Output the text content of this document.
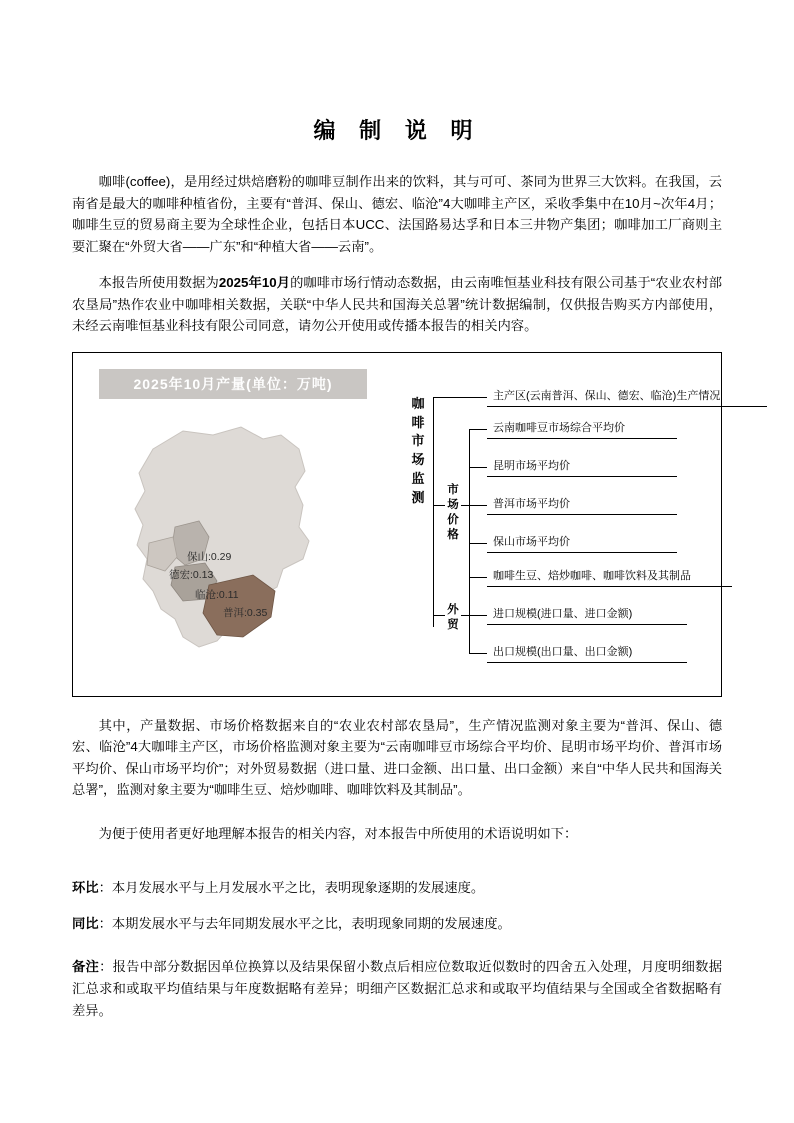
编 制 说 明

咖啡(coffee)，是用经过烘焙磨粉的咖啡豆制作出来的饮料，其与可可、茶同为世界三大饮料。在我国，云南省是最大的咖啡种植省份，主要有“普洱、保山、德宏、临沧”4大咖啡主产区，采收季集中在10月~次年4月；咖啡生豆的贸易商主要为全球性企业，包括日本UCC、法国路易达孚和日本三井物产集团；咖啡加工厂商则主要汇聚在“外贸大省——广东”和“种植大省——云南”。

本报告所使用数据为2025年10月的咖啡市场行情动态数据，由云南唯恒基业科技有限公司基于“农业农村部农垦局”热作农业中咖啡相关数据，关联“中华人民共和国海关总署”统计数据编制，仅供报告购买方内部使用，未经云南唯恒基业科技有限公司同意，请勿公开使用或传播本报告的相关内容。

2025年10月产量(单位：万吨)
保山:0.29
德宏:0.13
临沧:0.11
普洱:0.35
咖
啡
市
场
监
测
主产区(云南普洱、保山、德宏、临沧)生产情况
市
场
价
格
云南咖啡豆市场综合平均价
昆明市场平均价
普洱市场平均价
保山市场平均价
外
贸
咖啡生豆、焙炒咖啡、咖啡饮料及其制品
进口规模(进口量、进口金额)
出口规模(出口量、出口金额)

其中，产量数据、市场价格数据来自的“农业农村部农垦局”，生产情况监测对象主要为“普洱、保山、德宏、临沧”4大咖啡主产区，市场价格监测对象主要为“云南咖啡豆市场综合平均价、昆明市场平均价、普洱市场平均价、保山市场平均价”；对外贸易数据（进口量、进口金额、出口量、出口金额）来自“中华人民共和国海关总署”，监测对象主要为“咖啡生豆、焙炒咖啡、咖啡饮料及其制品”。

为便于使用者更好地理解本报告的相关内容，对本报告中所使用的术语说明如下：

环比：本月发展水平与上月发展水平之比，表明现象逐期的发展速度。

同比：本期发展水平与去年同期发展水平之比，表明现象同期的发展速度。

备注：报告中部分数据因单位换算以及结果保留小数点后相应位数取近似数时的四舍五入处理，月度明细数据汇总求和或取平均值结果与年度数据略有差异；明细产区数据汇总求和或取平均值结果与全国或全省数据略有差异。
